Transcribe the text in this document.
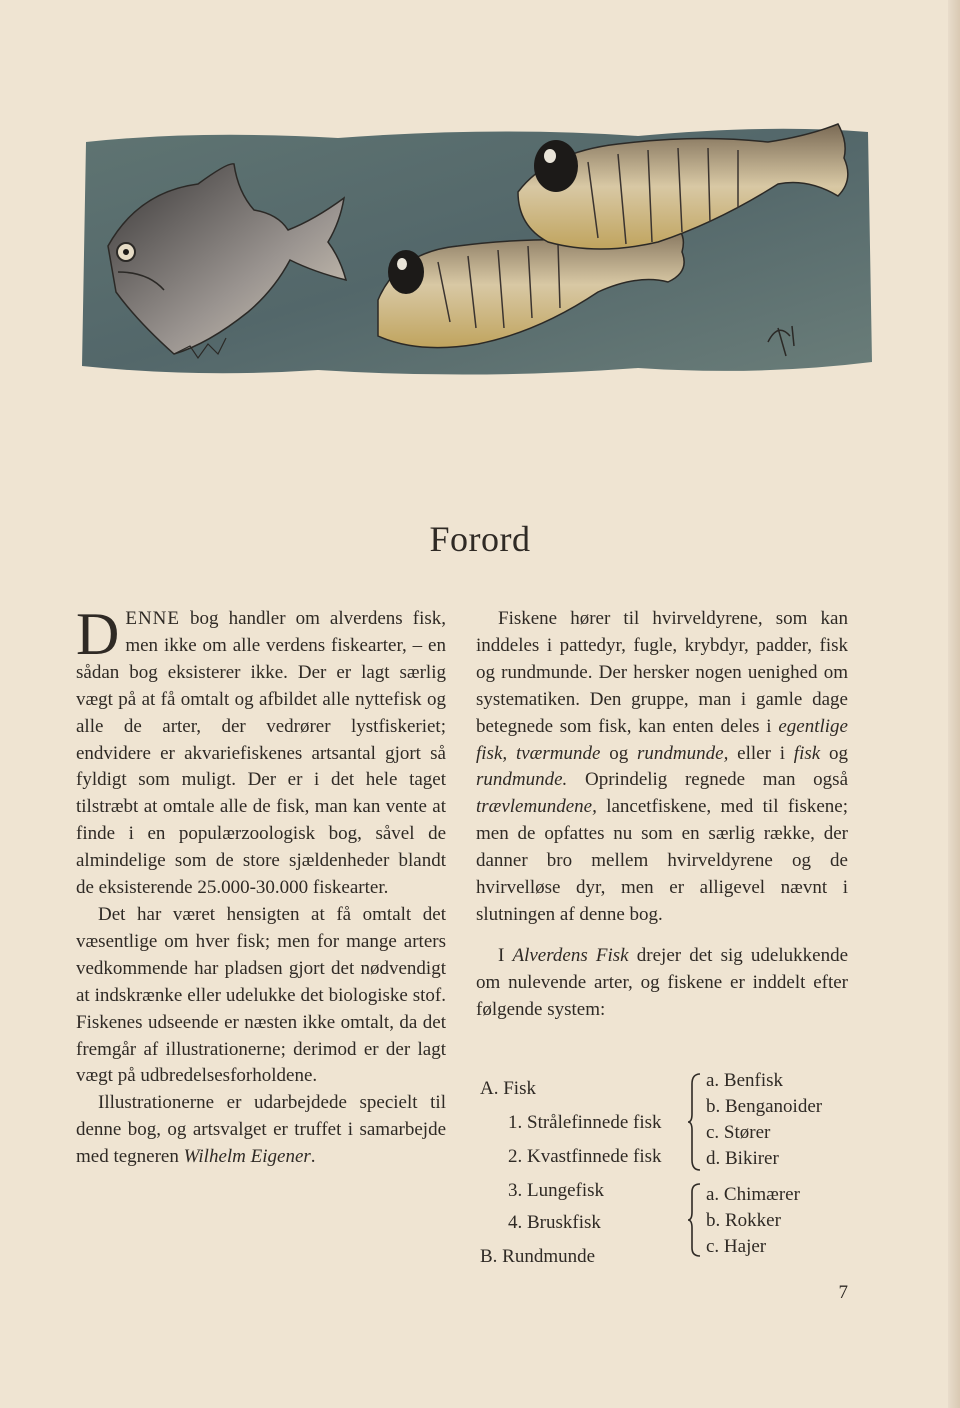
Forord

DENNE bog handler om alverdens fisk, men ikke om alle verdens fiskearter, – en sådan bog eksisterer ikke. Der er lagt særlig vægt på at få omtalt og afbildet alle nyttefisk og alle de arter, der vedrører lystfiskeriet; endvidere er akvariefiskenes artsantal gjort så fyldigt som muligt. Der er i det hele taget tilstræbt at omtale alle de fisk, man kan vente at finde i en populærzoologisk bog, såvel de almindelige som de store sjældenheder blandt de eksisterende 25.000-30.000 fiskearter.

Det har været hensigten at få omtalt det væsentlige om hver fisk; men for mange arters vedkommende har pladsen gjort det nødvendigt at indskrænke eller udelukke det biologiske stof. Fiskenes udseende er næsten ikke omtalt, da det fremgår af illustrationerne; derimod er der lagt vægt på udbredelsesforholdene.

Illustrationerne er udarbejdede specielt til denne bog, og artsvalget er truffet i samarbejde med tegneren Wilhelm Eigener.

Fiskene hører til hvirveldyrene, som kan inddeles i pattedyr, fugle, krybdyr, padder, fisk og rundmunde. Der hersker nogen uenighed om systematiken. Den gruppe, man i gamle dage betegnede som fisk, kan enten deles i egentlige fisk, tværmunde og rundmunde, eller i fisk og rundmunde. Oprindelig regnede man også trævlemundene, lancetfiskene, med til fiskene; men de opfattes nu som en særlig række, der danner bro mellem hvirveldyrene og de hvirvelløse dyr, men er alligevel nævnt i slutningen af denne bog.

I Alverdens Fisk drejer det sig udelukkende om nulevende arter, og fiskene er inddelt efter følgende system:

A. Fisk
1. Strålefinnede fisk
2. Kvastfinnede fisk
3. Lungefisk
4. Bruskfisk
B. Rundmunde
a. Benfisk
b. Benganoider
c. Stører
d. Bikirer
a. Chimærer
b. Rokker
c. Hajer
7
